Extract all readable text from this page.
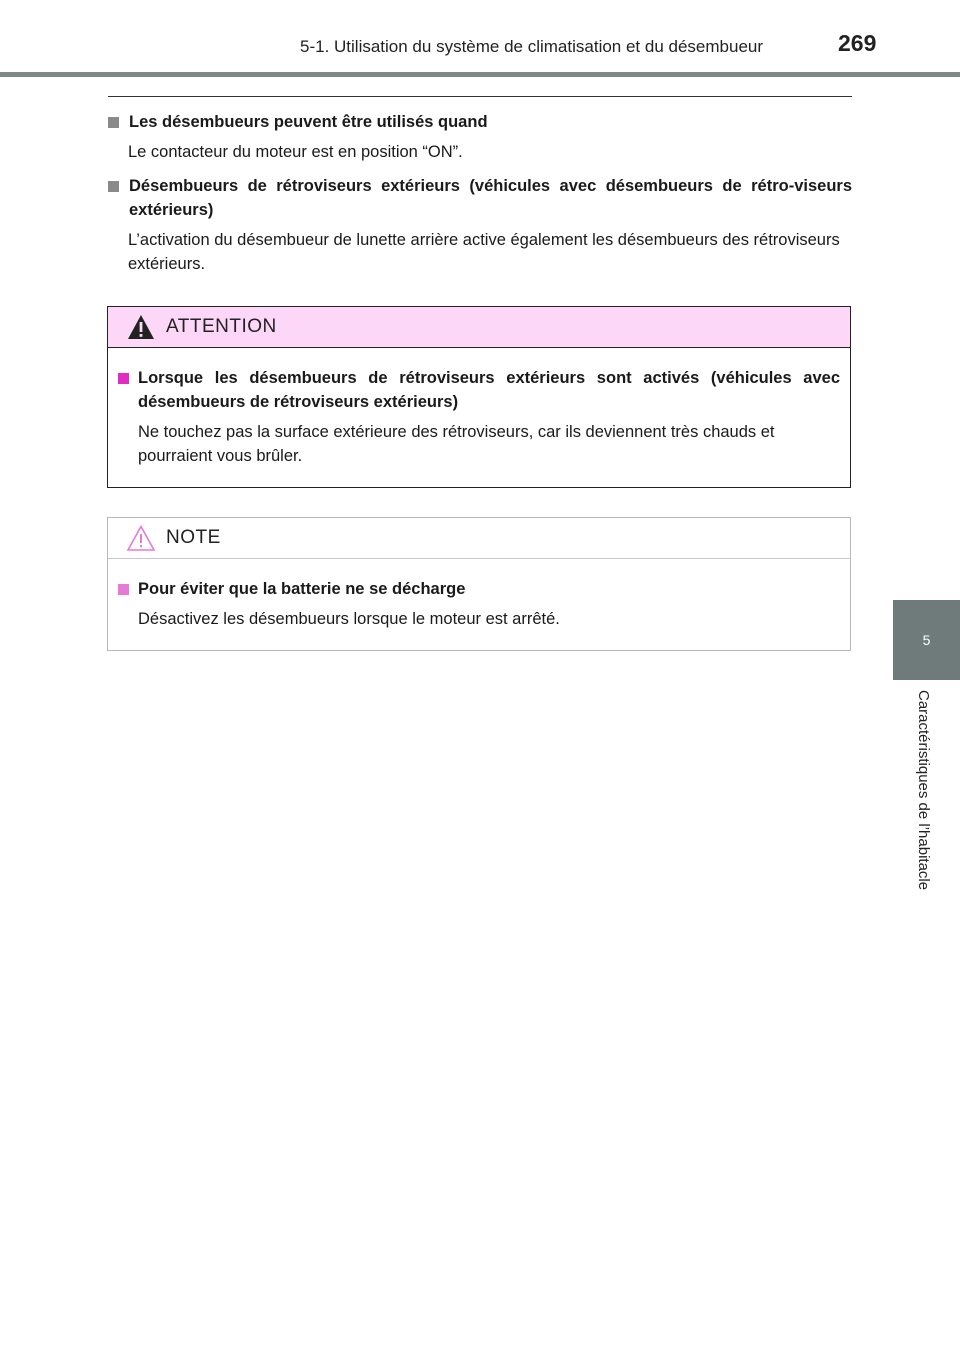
5-1. Utilisation du système de climatisation et du désembueur	269
5
Caractéristiques de l’habitacle
Les désembueurs peuvent être utilisés quand
Le contacteur du moteur est en position “ON”.
Désembueurs de rétroviseurs extérieurs (véhicules avec désembueurs de rétro-viseurs extérieurs)
L’activation du désembueur de lunette arrière active également les désembueurs des rétroviseurs extérieurs.
ATTENTION
Lorsque les désembueurs de rétroviseurs extérieurs sont activés (véhicules avec désembueurs de rétroviseurs extérieurs)
Ne touchez pas la surface extérieure des rétroviseurs, car ils deviennent très chauds et pourraient vous brûler.
NOTE
Pour éviter que la batterie ne se décharge
Désactivez les désembueurs lorsque le moteur est arrêté.
